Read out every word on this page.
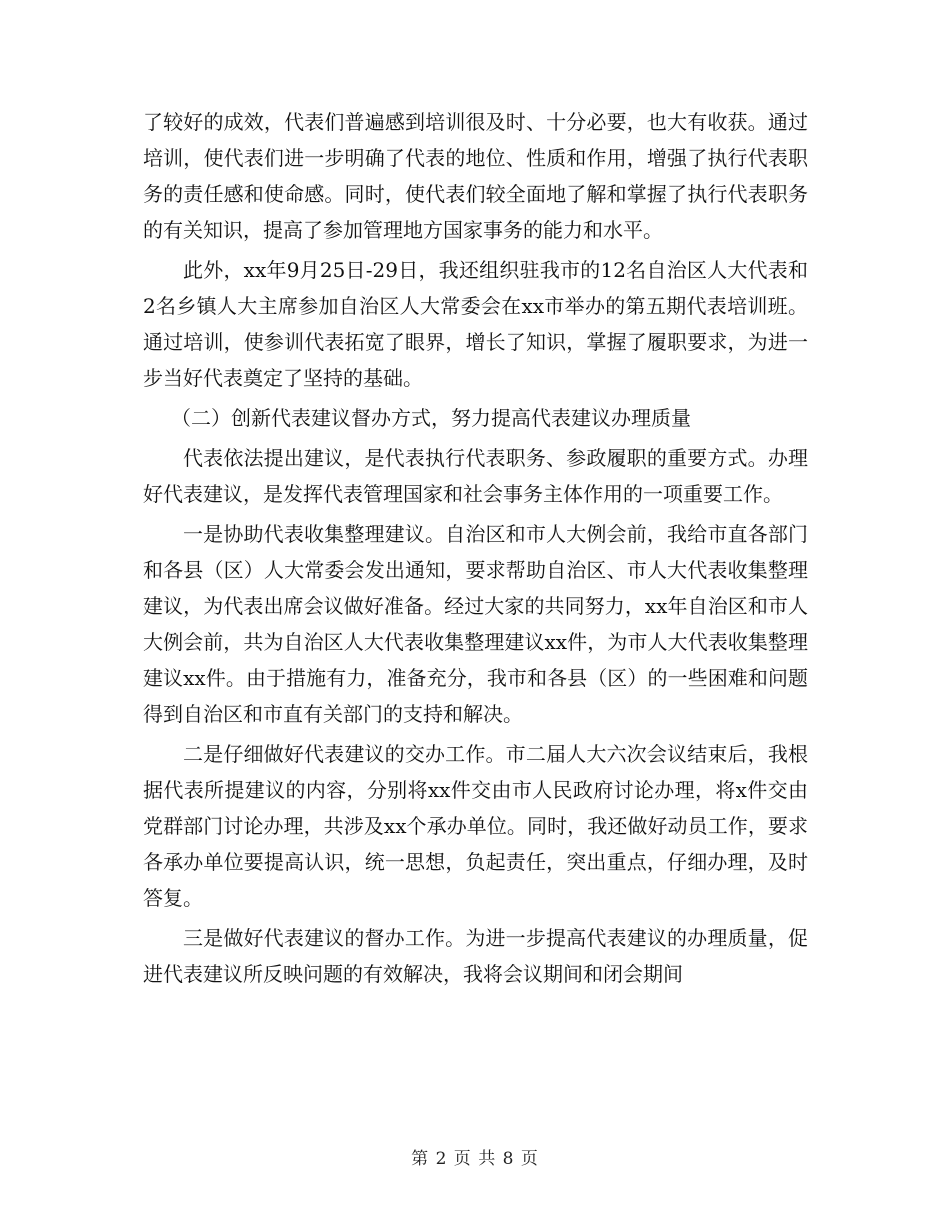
了较好的成效，代表们普遍感到培训很及时、十分必要，也大有收获。通过培训，使代表们进一步明确了代表的地位、性质和作用，增强了执行代表职务的责任感和使命感。同时，使代表们较全面地了解和掌握了执行代表职务的有关知识，提高了参加管理地方国家事务的能力和水平。

此外，xx年9月25日-29日，我还组织驻我市的12名自治区人大代表和2名乡镇人大主席参加自治区人大常委会在xx市举办的第五期代表培训班。通过培训，使参训代表拓宽了眼界，增长了知识，掌握了履职要求，为进一步当好代表奠定了坚持的基础。

（二）创新代表建议督办方式，努力提高代表建议办理质量

代表依法提出建议，是代表执行代表职务、参政履职的重要方式。办理好代表建议，是发挥代表管理国家和社会事务主体作用的一项重要工作。

一是协助代表收集整理建议。自治区和市人大例会前，我给市直各部门和各县（区）人大常委会发出通知，要求帮助自治区、市人大代表收集整理建议，为代表出席会议做好准备。经过大家的共同努力，xx年自治区和市人大例会前，共为自治区人大代表收集整理建议xx件，为市人大代表收集整理建议xx件。由于措施有力，准备充分，我市和各县（区）的一些困难和问题得到自治区和市直有关部门的支持和解决。

二是仔细做好代表建议的交办工作。市二届人大六次会议结束后，我根据代表所提建议的内容，分别将xx件交由市人民政府讨论办理，将x件交由党群部门讨论办理，共涉及xx个承办单位。同时，我还做好动员工作，要求各承办单位要提高认识，统一思想，负起责任，突出重点，仔细办理，及时答复。

三是做好代表建议的督办工作。为进一步提高代表建议的办理质量，促进代表建议所反映问题的有效解决，我将会议期间和闭会期间

第 2 页 共 8 页
